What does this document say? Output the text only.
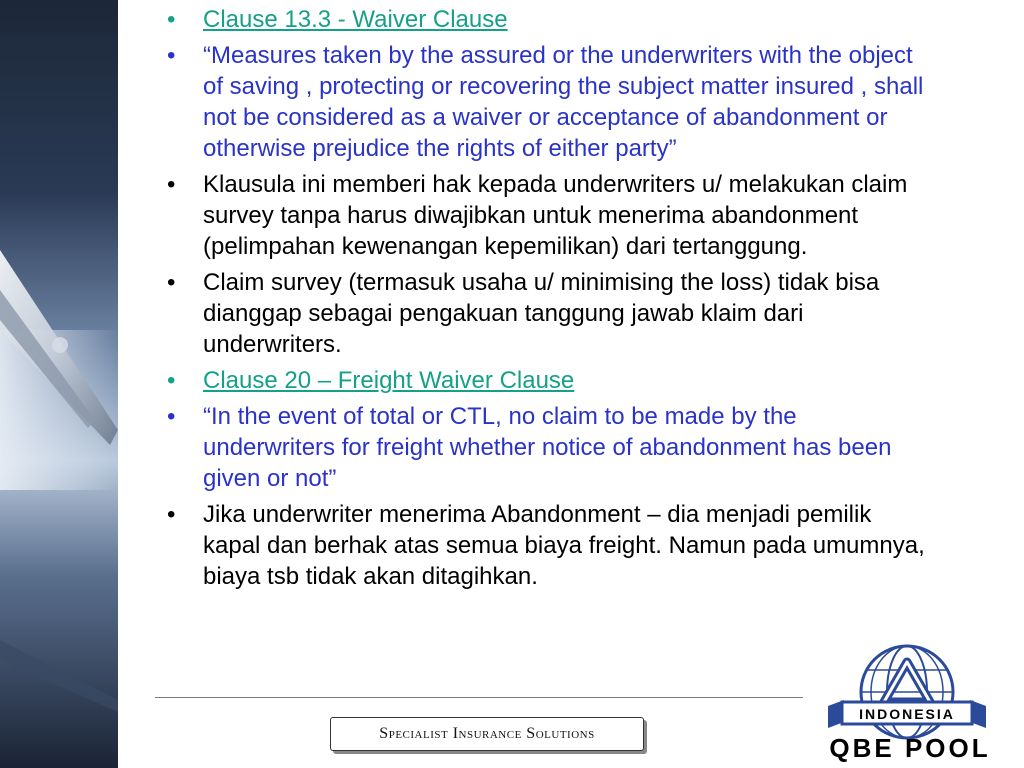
• Clause 13.3 - Waiver Clause
• “Measures taken by the assured or the underwriters with the object of saving , protecting or recovering the subject matter insured , shall not be considered as a waiver or acceptance of abandonment or otherwise prejudice the rights of either party”
• Klausula ini memberi hak kepada underwriters u/ melakukan claim survey tanpa harus diwajibkan untuk menerima abandonment (pelimpahan kewenangan kepemilikan) dari tertanggung.
• Claim survey (termasuk usaha u/ minimising the loss) tidak bisa dianggap sebagai pengakuan tanggung jawab klaim dari underwriters.
• Clause 20 – Freight Waiver Clause
• “In the event of total or CTL, no claim to be made by the underwriters for freight whether notice of abandonment has been given or not”
• Jika underwriter menerima Abandonment – dia menjadi pemilik kapal dan berhak atas semua biaya freight. Namun pada umumnya, biaya tsb tidak akan ditagihkan.
Specialist Insurance Solutions
INDONESIA
QBE POOL
